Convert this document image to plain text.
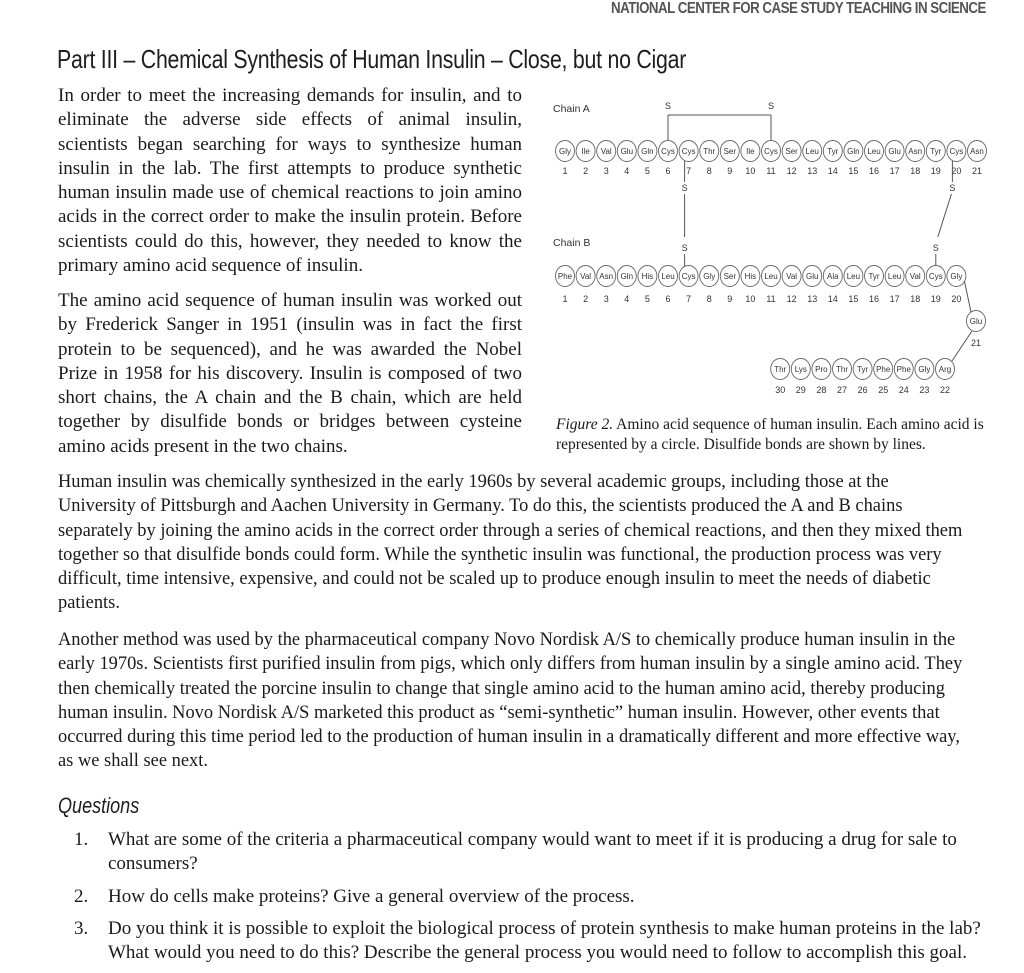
NATIONAL CENTER FOR CASE STUDY TEACHING IN SCIENCE
Part III – Chemical Synthesis of Human Insulin – Close, but no Cigar

In order to meet the increasing demands for insulin, and to eliminate the adverse side effects of animal insulin, scientists began searching for ways to synthesize human insulin in the lab. The first attempts to produce synthetic human insulin made use of chemical reactions to join amino acids in the correct order to make the insulin protein. Before scientists could do this, however, they needed to know the primary amino acid sequence of insulin.

The amino acid sequence of human insulin was worked out by Frederick Sanger in 1951 (insulin was in fact the first protein to be sequenced), and he was awarded the Nobel Prize in 1958 for his discovery. Insulin is composed of two short chains, the A chain and the B chain, which are held together by disulfide bonds or bridges between cysteine amino acids present in the two chains.

Chain A
Chain B
S	S
Gly
1
Ile
2
Val
3
Glu
4
Gln
5
Cys
6
Cys
7
Thr
8
Ser
9
Ile
10
Cys
11
Ser
12
Leu
13
Tyr
14
Gln
15
Leu
16
Glu
17
Asn
18
Tyr
19
Cys
20
Asn
21
Phe
1
Val
2
Asn
3
Gln
4
His
5
Leu
6
Cys
7
Gly
8
Ser
9
His
10
Leu
11
Val
12
Glu
13
Ala
14
Leu
15
Tyr
16
Leu
17
Val
18
Cys
19
Gly
20
Glu
21
Arg
22
Gly
23
Phe
24
Phe
25
Tyr
26
Thr
27
Pro
28
Lys
29
Thr
30
S
S
S
S
Figure 2. Amino acid sequence of human insulin. Each amino acid is represented by a circle. Disulfide bonds are shown by lines.

Human insulin was chemically synthesized in the early 1960s by several academic groups, including those at the University of Pittsburgh and Aachen University in Germany. To do this, the scientists produced the A and B chains separately by joining the amino acids in the correct order through a series of chemical reactions, and then they mixed them together so that disulfide bonds could form. While the synthetic insulin was functional, the production process was very difficult, time intensive, expensive, and could not be scaled up to produce enough insulin to meet the needs of diabetic patients.

Another method was used by the pharmaceutical company Novo Nordisk A/S to chemically produce human insulin in the early 1970s. Scientists first purified insulin from pigs, which only differs from human insulin by a single amino acid. They then chemically treated the porcine insulin to change that single amino acid to the human amino acid, thereby producing human insulin. Novo Nordisk A/S marketed this product as “semi-synthetic” human insulin. However, other events that occurred during this time period led to the production of human insulin in a dramatically different and more effective way, as we shall see next.

Questions
1.	What are some of the criteria a pharmaceutical company would want to meet if it is producing a drug for sale to consumers?
2.	How do cells make proteins? Give a general overview of the process.
3.	Do you think it is possible to exploit the biological process of protein synthesis to make human proteins in the lab? What would you need to do this? Describe the general process you would need to follow to accomplish this goal.
